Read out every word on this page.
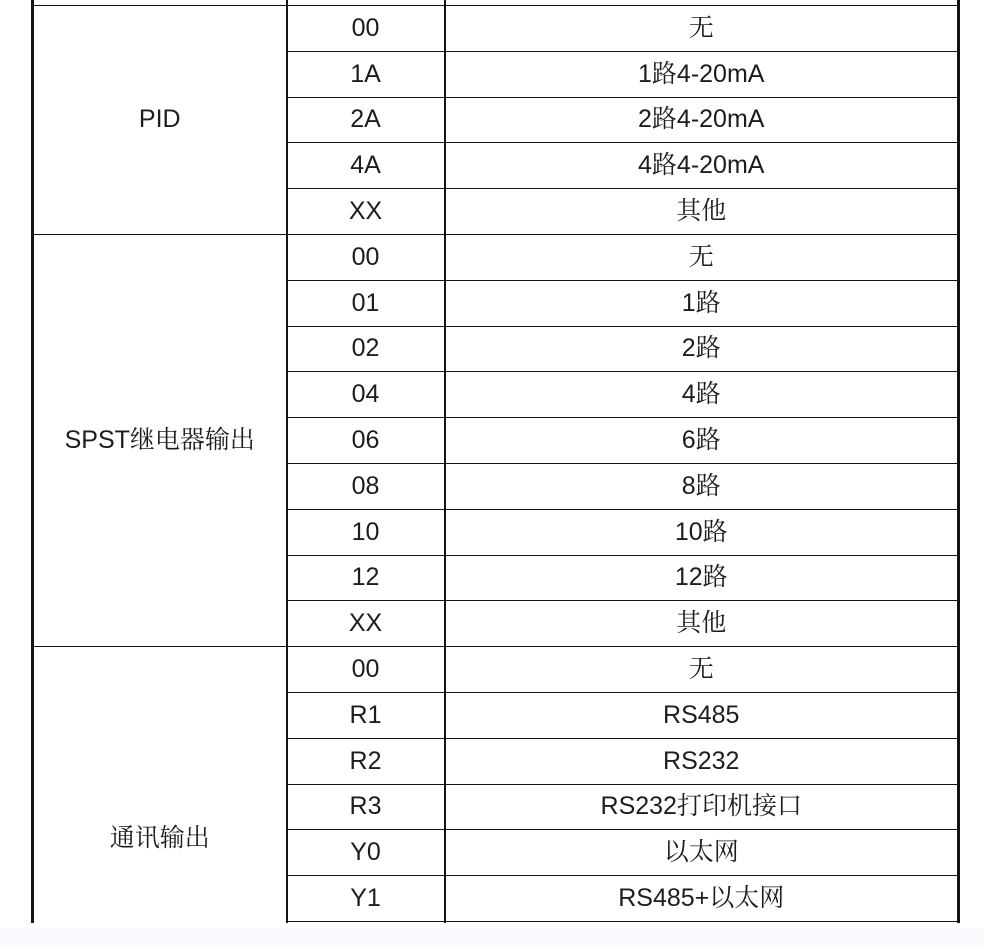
PID	00	无
	1A	1路4-20mA
	2A	2路4-20mA
	4A	4路4-20mA
	XX	其他
SPST继电器输出	00	无
	01	1路
	02	2路
	04	4路
	06	6路
	08	8路
	10	10路
	12	12路
	XX	其他
通讯输出	00	无
	R1	RS485
	R2	RS232
	R3	RS232打印机接口
	Y0	以太网
	Y1	RS485+以太网
